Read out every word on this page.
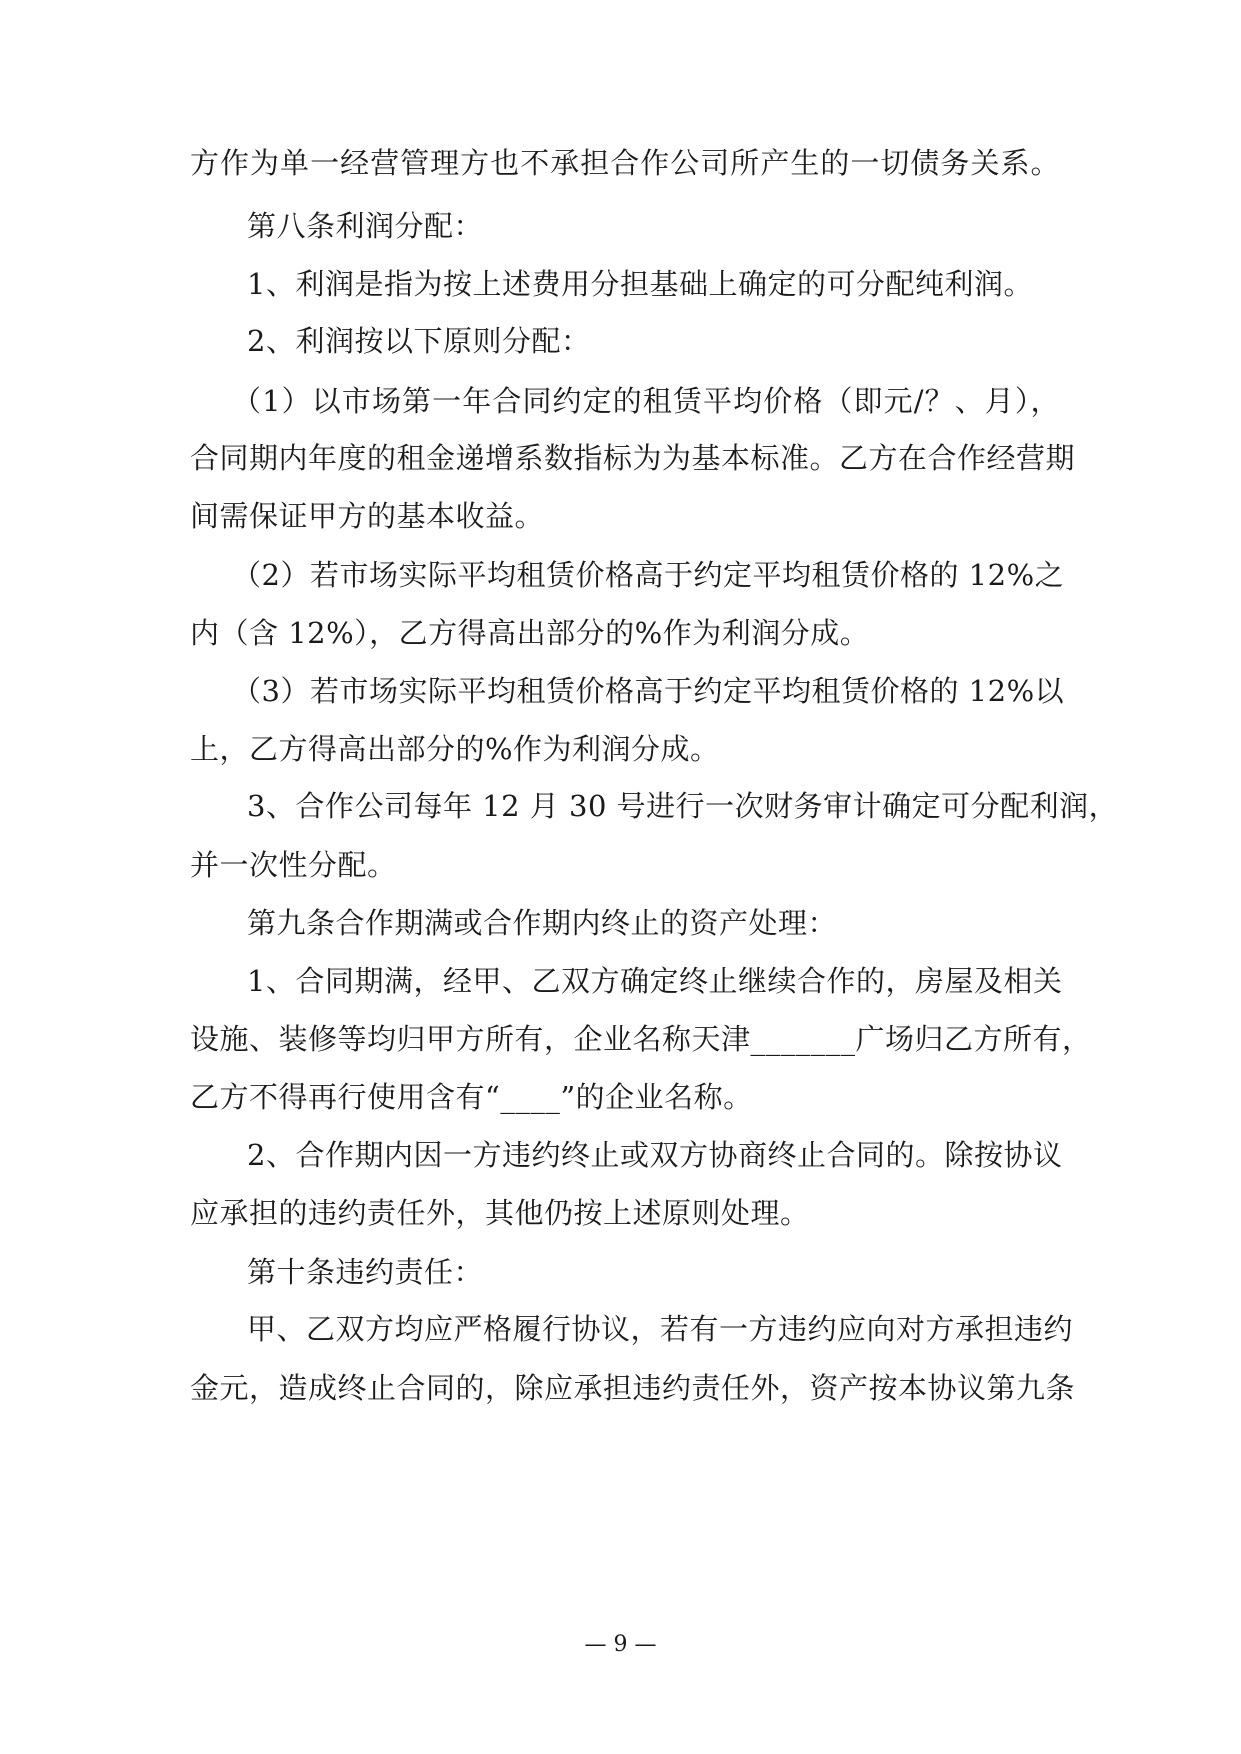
方作为单一经营管理方也不承担合作公司所产生的一切债务关系。
第八条利润分配：
1、利润是指为按上述费用分担基础上确定的可分配纯利润。
2、利润按以下原则分配：
（1）以市场第一年合同约定的租赁平均价格（即元/？、月），
合同期内年度的租金递增系数指标为为基本标准。乙方在合作经营期
间需保证甲方的基本收益。
（2）若市场实际平均租赁价格高于约定平均租赁价格的 12%之
内（含 12%），乙方得高出部分的%作为利润分成。
（3）若市场实际平均租赁价格高于约定平均租赁价格的 12%以
上，乙方得高出部分的%作为利润分成。
3、合作公司每年 12 月 30 号进行一次财务审计确定可分配利润，
并一次性分配。
第九条合作期满或合作期内终止的资产处理：
1、合同期满，经甲、乙双方确定终止继续合作的，房屋及相关
设施、装修等均归甲方所有，企业名称天津_______广场归乙方所有，
乙方不得再行使用含有“____”的企业名称。
2、合作期内因一方违约终止或双方协商终止合同的。除按协议
应承担的违约责任外，其他仍按上述原则处理。
第十条违约责任：
甲、乙双方均应严格履行协议，若有一方违约应向对方承担违约
金元，造成终止合同的，除应承担违约责任外，资产按本协议第九条
— 9 —
